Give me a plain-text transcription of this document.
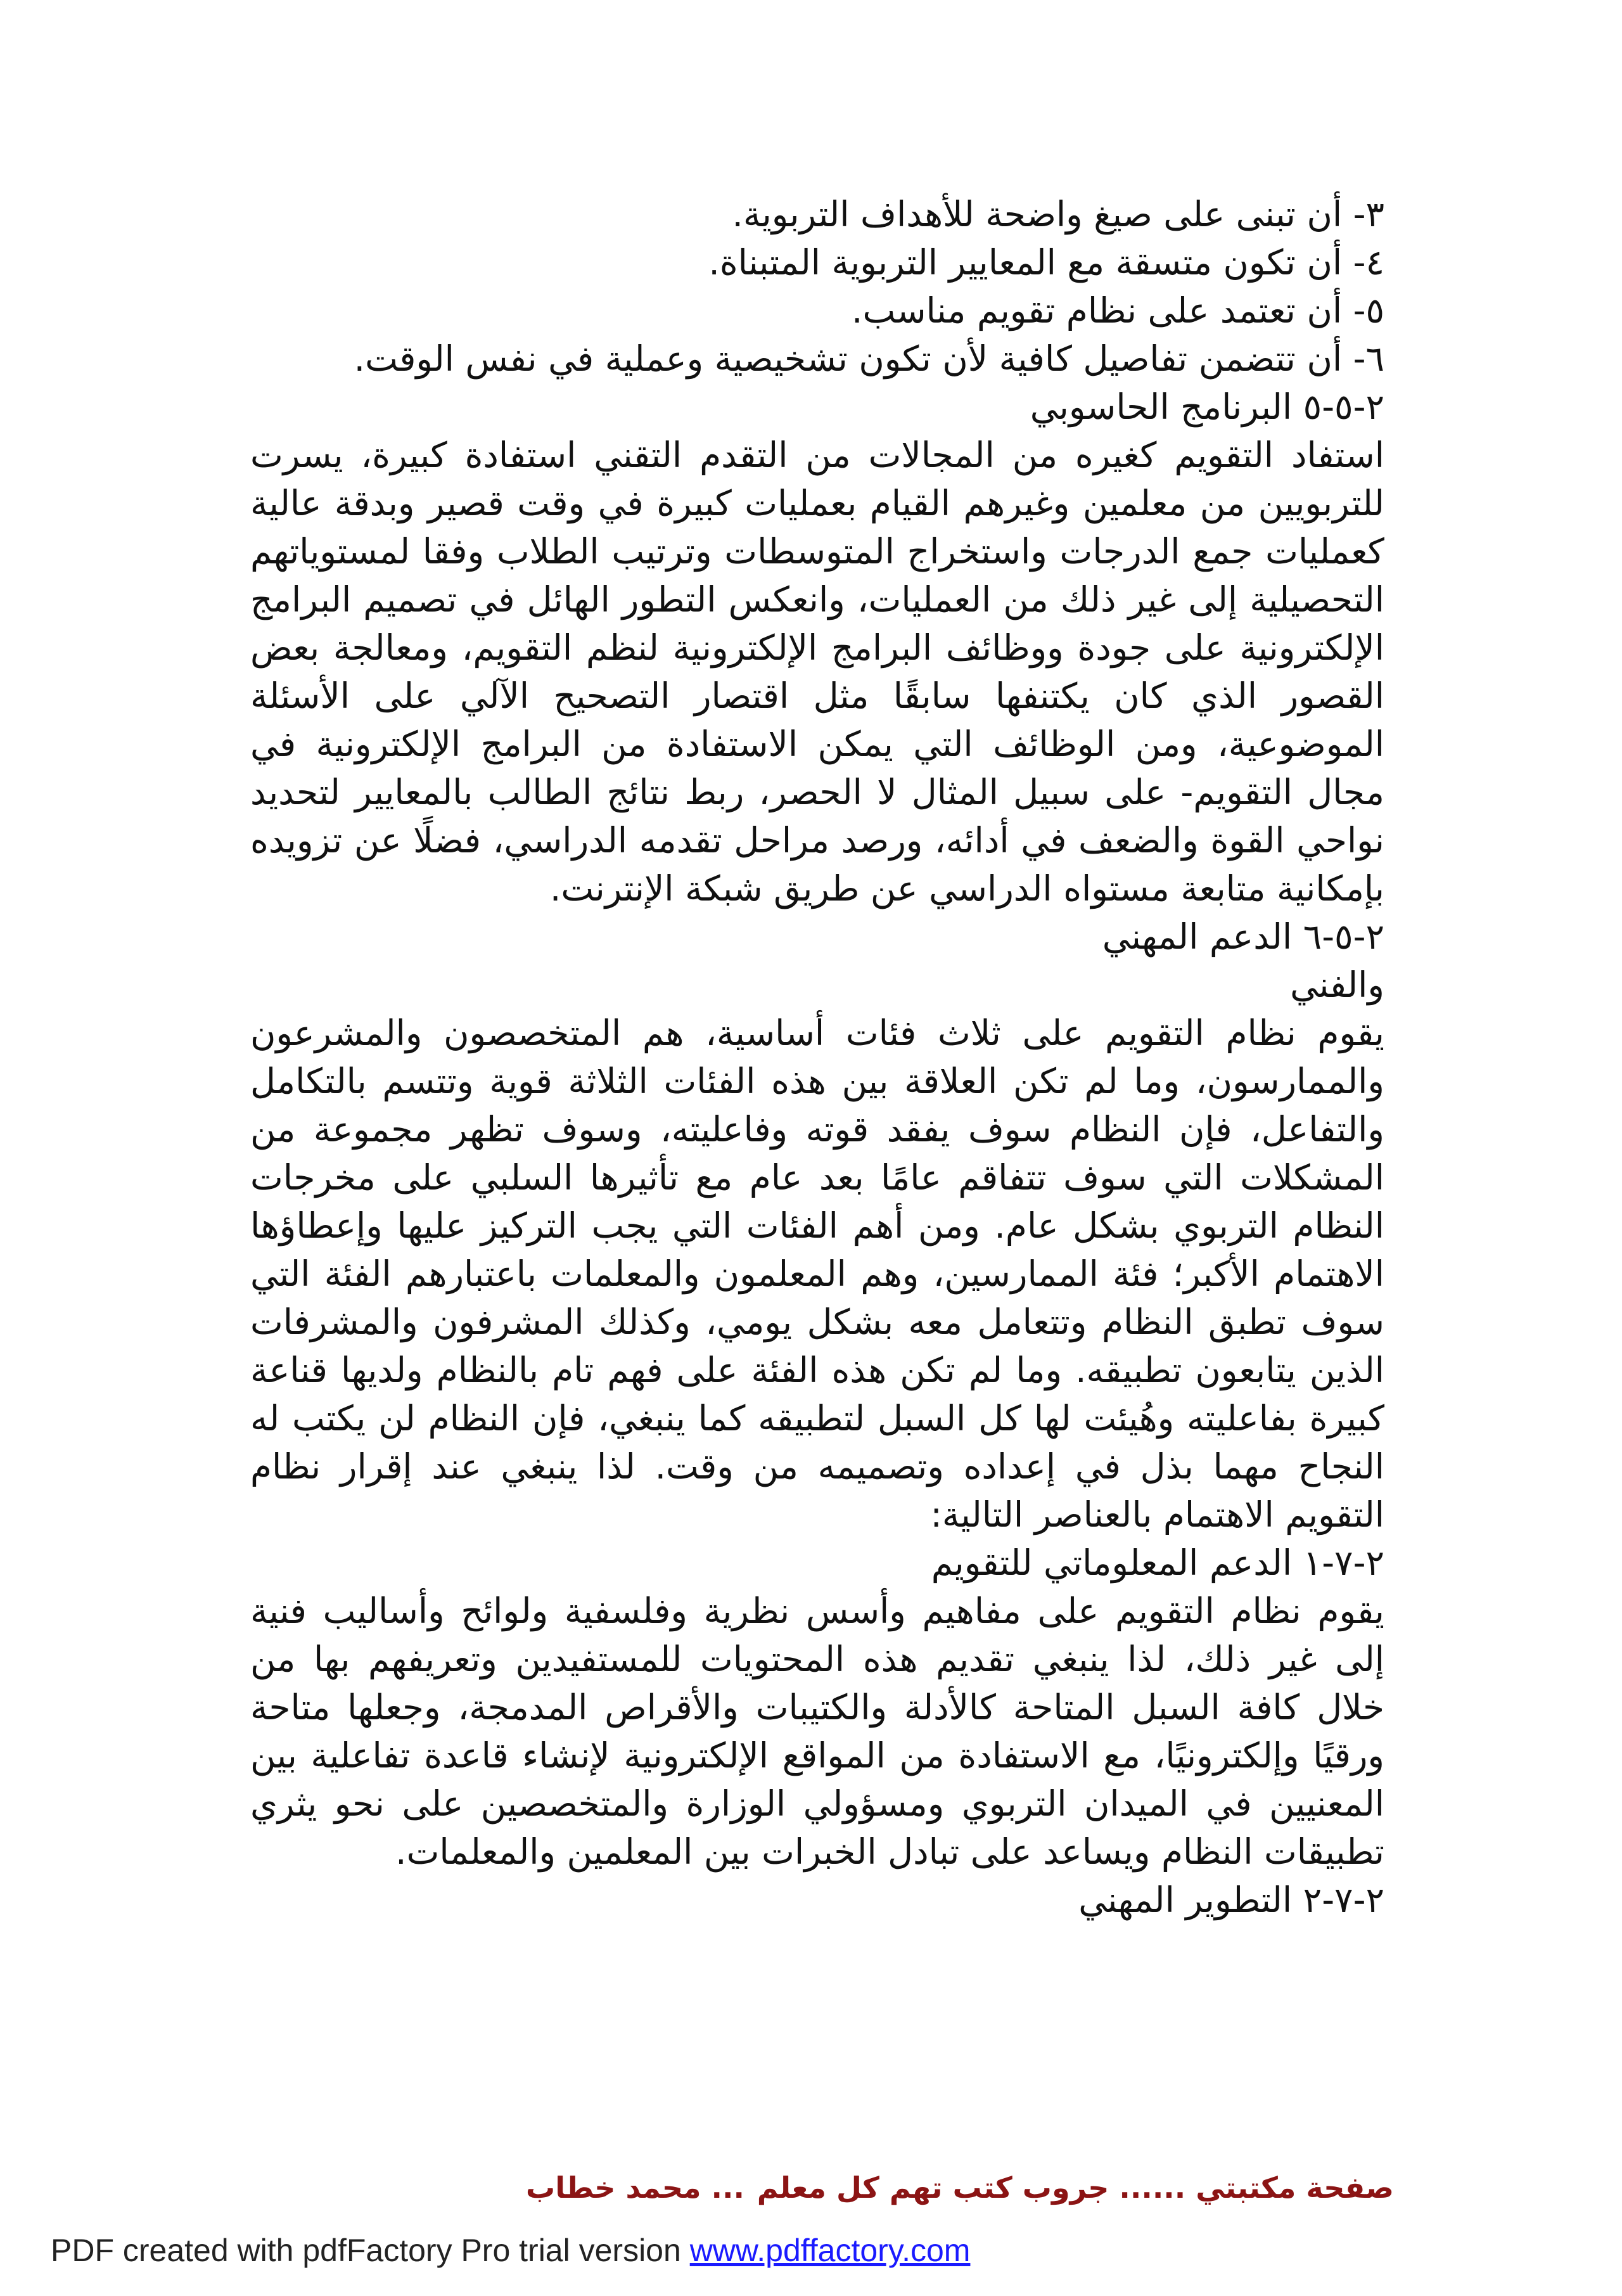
٣- أن تبنى على صيغ واضحة للأهداف التربوية.

٤- أن تكون متسقة مع المعايير التربوية المتبناة.

٥- أن تعتمد على نظام تقويم مناسب.

٦- أن تتضمن تفاصيل كافية لأن تكون تشخيصية وعملية في نفس الوقت.

٢-٥-٥ البرنامج الحاسوبي

استفاد التقويم كغيره من المجالات من التقدم التقني استفادة كبيرة، يسرت للتربويين من معلمين وغيرهم القيام بعمليات كبيرة في وقت قصير وبدقة عالية كعمليات جمع الدرجات واستخراج المتوسطات وترتيب الطلاب وفقا لمستوياتهم التحصيلية إلى غير ذلك من العمليات، وانعكس التطور الهائل في تصميم البرامج الإلكترونية على جودة ووظائف البرامج الإلكترونية لنظم التقويم، ومعالجة بعض القصور الذي كان يكتنفها سابقًا مثل اقتصار التصحيح الآلي على الأسئلة الموضوعية، ومن الوظائف التي يمكن الاستفادة من البرامج الإلكترونية في مجال التقويم- على سبيل المثال لا الحصر، ربط نتائج الطالب بالمعايير لتحديد نواحي القوة والضعف في أدائه، ورصد مراحل تقدمه الدراسي، فضلًا عن تزويده بإمكانية متابعة مستواه الدراسي عن طريق شبكة الإنترنت.

٢-٥-٦ الدعم المهني

والفني

يقوم نظام التقويم على ثلاث فئات أساسية، هم المتخصصون والمشرعون والممارسون، وما لم تكن العلاقة بين هذه الفئات الثلاثة قوية وتتسم بالتكامل والتفاعل، فإن النظام سوف يفقد قوته وفاعليته، وسوف تظهر مجموعة من المشكلات التي سوف تتفاقم عامًا بعد عام مع تأثيرها السلبي على مخرجات النظام التربوي بشكل عام. ومن أهم الفئات التي يجب التركيز عليها وإعطاؤها الاهتمام الأكبر؛ فئة الممارسين، وهم المعلمون والمعلمات باعتبارهم الفئة التي سوف تطبق النظام وتتعامل معه بشكل يومي، وكذلك المشرفون والمشرفات الذين يتابعون تطبيقه. وما لم تكن هذه الفئة على فهم تام بالنظام ولديها قناعة كبيرة بفاعليته وهُيئت لها كل السبل لتطبيقه كما ينبغي، فإن النظام لن يكتب له النجاح مهما بذل في إعداده وتصميمه من وقت. لذا ينبغي عند إقرار نظام التقويم الاهتمام بالعناصر التالية:

٢-٧-١ الدعم المعلوماتي للتقويم

يقوم نظام التقويم على مفاهيم وأسس نظرية وفلسفية ولوائح وأساليب فنية إلى غير ذلك، لذا ينبغي تقديم هذه المحتويات للمستفيدين وتعريفهم بها من خلال كافة السبل المتاحة كالأدلة والكتيبات والأقراص المدمجة، وجعلها متاحة ورقيًا وإلكترونيًا، مع الاستفادة من المواقع الإلكترونية لإنشاء قاعدة تفاعلية بين المعنيين في الميدان التربوي ومسؤولي الوزارة والمتخصصين على نحو يثري تطبيقات النظام ويساعد على تبادل الخبرات بين المعلمين والمعلمات.

٢-٧-٢ التطوير المهني

صفحة مكتبتي ...... جروب كتب تهم كل معلم
... محمد خطاب
PDF created with pdfFactory Pro trial version www.pdffactory.com
